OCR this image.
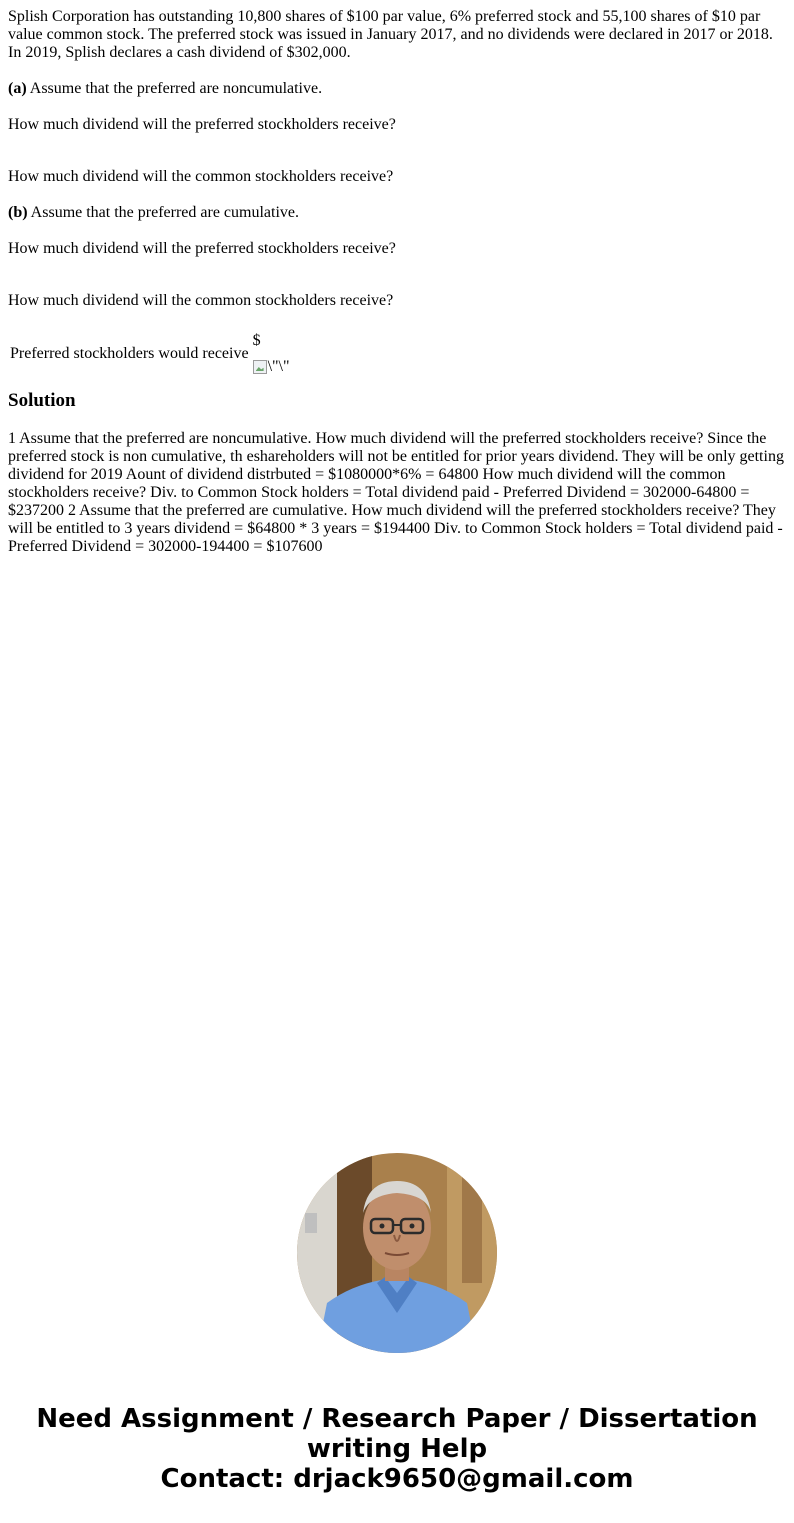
Splish Corporation has outstanding 10,800 shares of $100 par value, 6% preferred stock and 55,100 shares of $10 par value common stock. The preferred stock was issued in January 2017, and no dividends were declared in 2017 or 2018. In 2019, Splish declares a cash dividend of $302,000.

(a) Assume that the preferred are noncumulative.

How much dividend will the preferred stockholders receive?

How much dividend will the common stockholders receive?

(b) Assume that the preferred are cumulative.

How much dividend will the preferred stockholders receive?

How much dividend will the common stockholders receive?

Preferred stockholders would receive
$
\"\"
Solution

1 Assume that the preferred are noncumulative. How much dividend will the preferred stockholders receive? Since the preferred stock is non cumulative, th eshareholders will not be entitled for prior years dividend. They will be only getting dividend for 2019 Aount of dividend distrbuted = $1080000*6% = 64800 How much dividend will the common stockholders receive? Div. to Common Stock holders = Total dividend paid - Preferred Dividend = 302000-64800 = $237200 2 Assume that the preferred are cumulative. How much dividend will the preferred stockholders receive? They will be entitled to 3 years dividend = $64800 * 3 years = $194400 Div. to Common Stock holders = Total dividend paid - Preferred Dividend = 302000-194400 = $107600

Need Assignment / Research Paper / Dissertation
writing Help
Contact: drjack9650@gmail.com
